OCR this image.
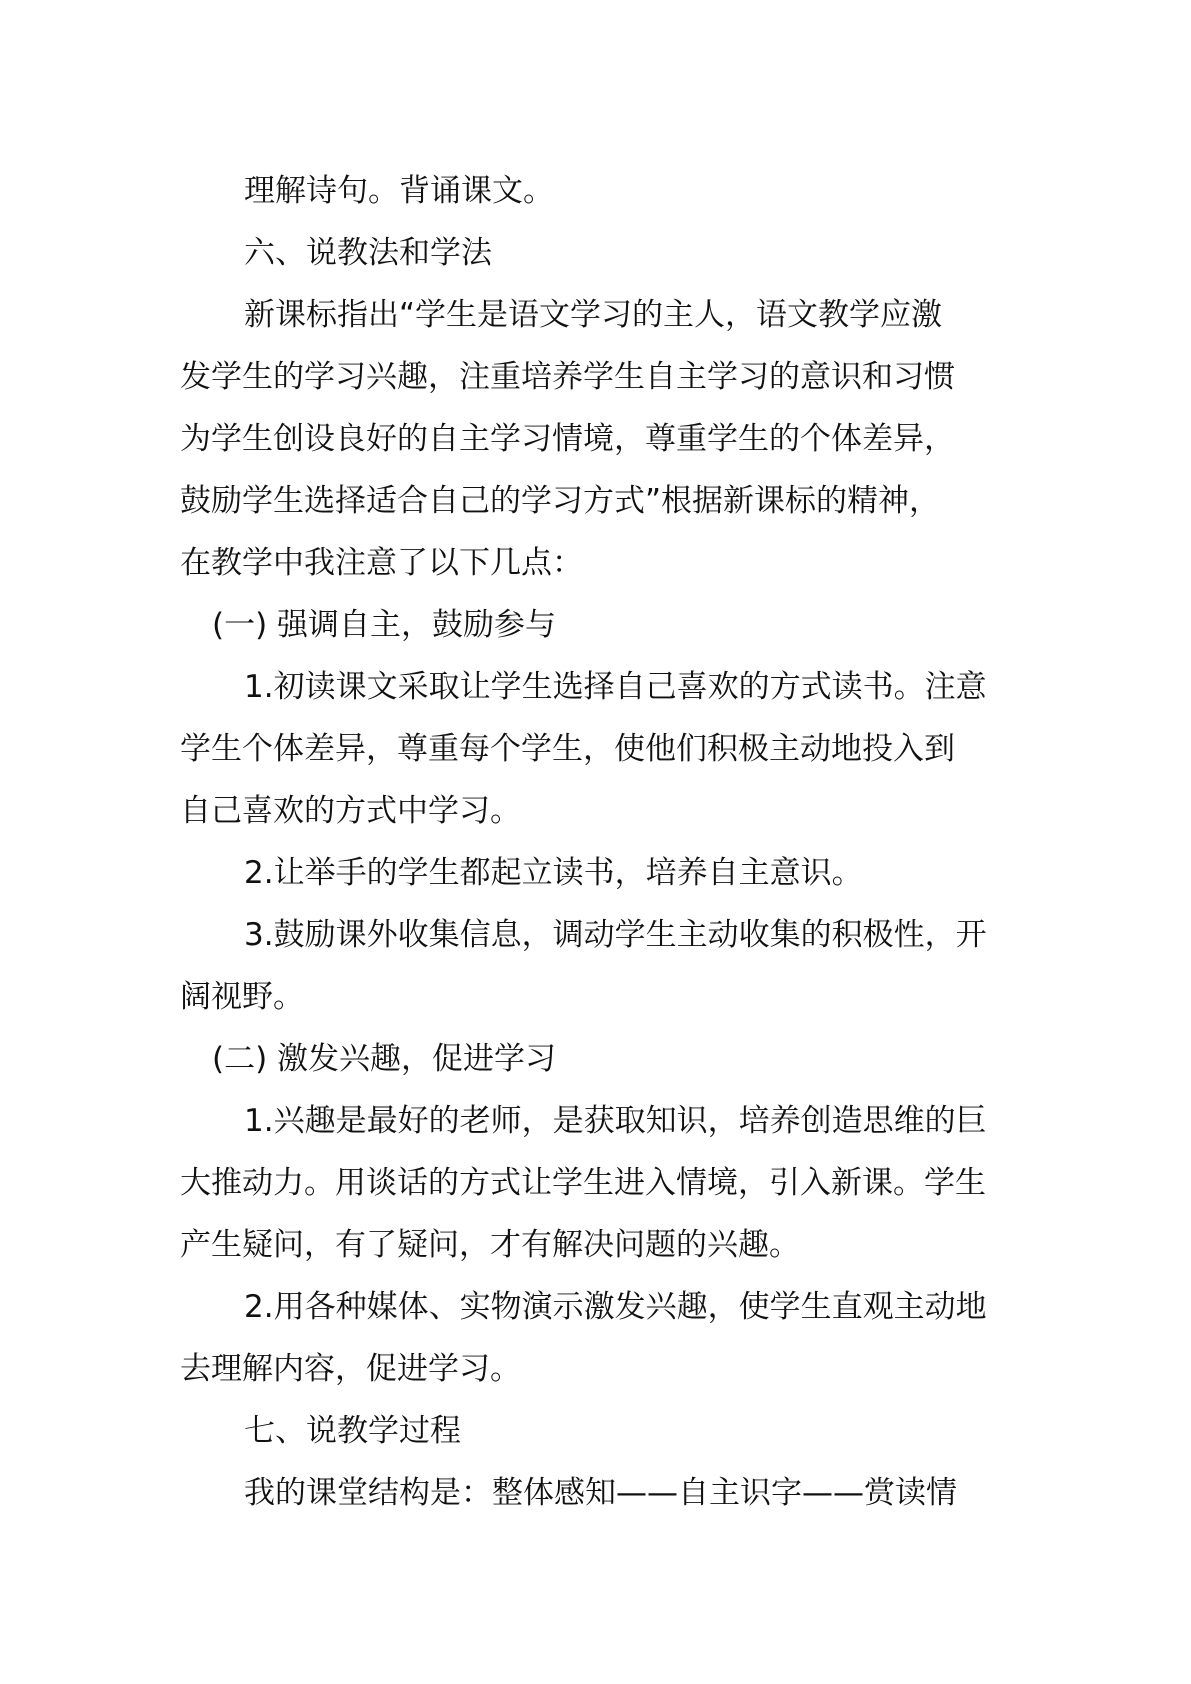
理解诗句。背诵课文。
六、说教法和学法
新课标指出“学生是语文学习的主人，语文教学应激
发学生的学习兴趣，注重培养学生自主学习的意识和习惯
为学生创设良好的自主学习情境，尊重学生的个体差异，
鼓励学生选择适合自己的学习方式”根据新课标的精神，
在教学中我注意了以下几点：
(一) 强调自主，鼓励参与
1.初读课文采取让学生选择自己喜欢的方式读书。注意
学生个体差异，尊重每个学生，使他们积极主动地投入到
自己喜欢的方式中学习。
2.让举手的学生都起立读书，培养自主意识。
3.鼓励课外收集信息，调动学生主动收集的积极性，开
阔视野。
(二) 激发兴趣，促进学习
1.兴趣是最好的老师，是获取知识，培养创造思维的巨
大推动力。用谈话的方式让学生进入情境，引入新课。学生
产生疑问，有了疑问，才有解决问题的兴趣。
2.用各种媒体、实物演示激发兴趣，使学生直观主动地
去理解内容，促进学习。
七、说教学过程
我的课堂结构是：整体感知——自主识字——赏读情
